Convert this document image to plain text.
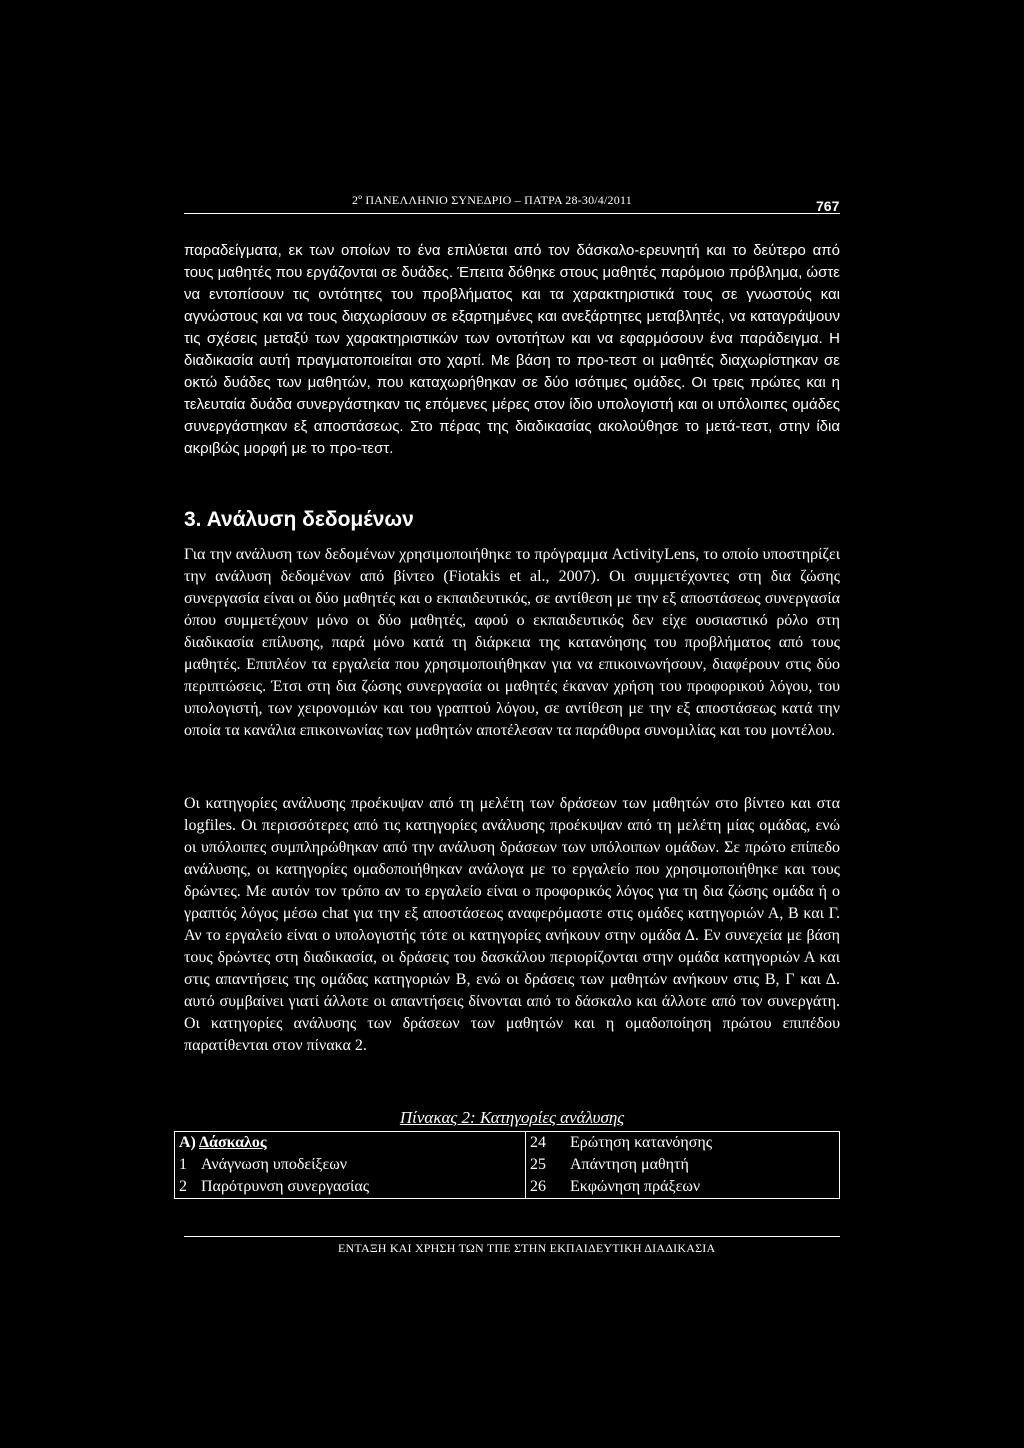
2º ΠΑΝΕΛΛΗΝΙΟ ΣΥΝΕΔΡΙΟ – ΠΑΤΡΑ 28-30/4/2011	767

παραδείγματα, εκ των οποίων το ένα επιλύεται από τον δάσκαλο-ερευνητή και το δεύτερο από τους μαθητές που εργάζονται σε δυάδες. Έπειτα δόθηκε στους μαθητές παρόμοιο πρόβλημα, ώστε να εντοπίσουν τις οντότητες του προβλήματος και τα χαρακτηριστικά τους σε γνωστούς και αγνώστους και να τους διαχωρίσουν σε εξαρτημένες και ανεξάρτητες μεταβλητές, να καταγράψουν τις σχέσεις μεταξύ των χαρακτηριστικών των οντοτήτων και να εφαρμόσουν ένα παράδειγμα. Η διαδικασία αυτή πραγματοποιείται στο χαρτί. Με βάση το προ-τεστ οι μαθητές διαχωρίστηκαν σε οκτώ δυάδες των μαθητών, που καταχωρήθηκαν σε δύο ισότιμες ομάδες. Οι τρεις πρώτες και η τελευταία δυάδα συνεργάστηκαν τις επόμενες μέρες στον ίδιο υπολογιστή και οι υπόλοιπες ομάδες συνεργάστηκαν εξ αποστάσεως. Στο πέρας της διαδικασίας ακολούθησε το μετά-τεστ, στην ίδια ακριβώς μορφή με το προ-τεστ.

3. Ανάλυση δεδομένων

Για την ανάλυση των δεδομένων χρησιμοποιήθηκε το πρόγραμμα ActivityLens, το οποίο υποστηρίζει την ανάλυση δεδομένων από βίντεο (Fiotakis et al., 2007). Οι συμμετέχοντες στη δια ζώσης συνεργασία είναι οι δύο μαθητές και ο εκπαιδευτικός, σε αντίθεση με την εξ αποστάσεως συνεργασία όπου συμμετέχουν μόνο οι δύο μαθητές, αφού ο εκπαιδευτικός δεν είχε ουσιαστικό ρόλο στη διαδικασία επίλυσης, παρά μόνο κατά τη διάρκεια της κατανόησης του προβλήματος από τους μαθητές. Επιπλέον τα εργαλεία που χρησιμοποιήθηκαν για να επικοινωνήσουν, διαφέρουν στις δύο περιπτώσεις. Έτσι στη δια ζώσης συνεργασία οι μαθητές έκαναν χρήση του προφορικού λόγου, του υπολογιστή, των χειρονομιών και του γραπτού λόγου, σε αντίθεση με την εξ αποστάσεως κατά την οποία τα κανάλια επικοινωνίας των μαθητών αποτέλεσαν τα παράθυρα συνομιλίας και του μοντέλου.

Οι κατηγορίες ανάλυσης προέκυψαν από τη μελέτη των δράσεων των μαθητών στο βίντεο και στα logfiles. Οι περισσότερες από τις κατηγορίες ανάλυσης προέκυψαν από τη μελέτη μίας ομάδας, ενώ οι υπόλοιπες συμπληρώθηκαν από την ανάλυση δράσεων των υπόλοιπων ομάδων. Σε πρώτο επίπεδο ανάλυσης, οι κατηγορίες ομαδοποιήθηκαν ανάλογα με το εργαλείο που χρησιμοποιήθηκε και τους δρώντες. Με αυτόν τον τρόπο αν το εργαλείο είναι ο προφορικός λόγος για τη δια ζώσης ομάδα ή ο γραπτός λόγος μέσω chat για την εξ αποστάσεως αναφερόμαστε στις ομάδες κατηγοριών Α, Β και Γ. Αν το εργαλείο είναι ο υπολογιστής τότε οι κατηγορίες ανήκουν στην ομάδα Δ. Εν συνεχεία με βάση τους δρώντες στη διαδικασία, οι δράσεις του δασκάλου περιορίζονται στην ομάδα κατηγοριών Α και στις απαντήσεις της ομάδας κατηγοριών Β, ενώ οι δράσεις των μαθητών ανήκουν στις Β, Γ και Δ. αυτό συμβαίνει γιατί άλλοτε οι απαντήσεις δίνονται από το δάσκαλο και άλλοτε από τον συνεργάτη. Οι κατηγορίες ανάλυσης των δράσεων των μαθητών και η ομαδοποίηση πρώτου επιπέδου παρατίθενται στον πίνακα 2.

Πίνακας 2: Κατηγορίες ανάλυσης
Α) Δάσκαλος		24	Ερώτηση κατανόησης
1	Ανάγνωση υποδείξεων	25	Απάντηση μαθητή
2	Παρότρυνση συνεργασίας	26	Εκφώνηση πράξεων
ΕΝΤΑΞΗ ΚΑΙ ΧΡΗΣΗ ΤΩΝ ΤΠΕ ΣΤΗΝ ΕΚΠΑΙΔΕΥΤΙΚΗ ΔΙΑΔΙΚΑΣΙΑ
